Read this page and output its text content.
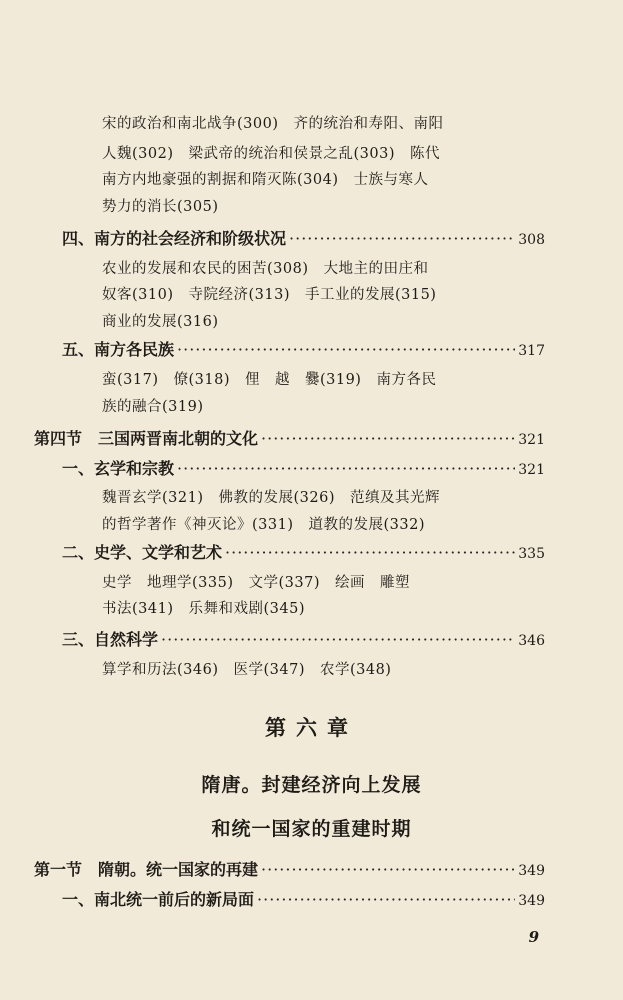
宋的政治和南北战争(300)　齐的统治和寿阳、南阳
人魏(302)　梁武帝的统治和侯景之乱(303)　陈代
南方内地豪强的割据和隋灭陈(304)　士族与寒人
势力的消长(305)
四、南方的社会经济和阶级状况 ·····	308
农业的发展和农民的困苦(308)　大地主的田庄和
奴客(310)　寺院经济(313)　手工业的发展(315)
商业的发展(316)
五、南方各民族 ·····	317
蛮(317)　僚(318)　俚　越　爨(319)　南方各民
族的融合(319)
第四节 三国两晋南北朝的文化 ·····	321
一、玄学和宗教 ·····	321
魏晋玄学(321)　佛教的发展(326)　范缜及其光辉
的哲学著作《神灭论》(331)　道教的发展(332)
二、史学、文学和艺术 ·····	335
史学　地理学(335)　文学(337)　绘画　雕塑
书法(341)　乐舞和戏剧(345)
三、自然科学 ·····	346
算学和历法(346)　医学(347)　农学(348)
第六章
隋唐。封建经济向上发展
和统一国家的重建时期
第一节 隋朝。统一国家的再建 ·····	349
一、南北统一前后的新局面 ·····	349
9
